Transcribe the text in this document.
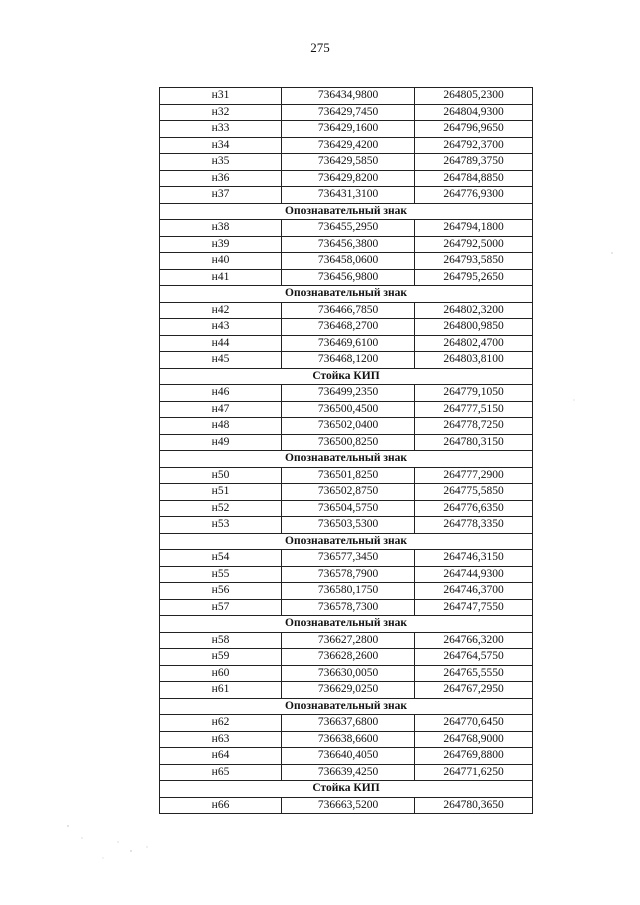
275
н31	736434,9800	264805,2300
н32	736429,7450	264804,9300
н33	736429,1600	264796,9650
н34	736429,4200	264792,3700
н35	736429,5850	264789,3750
н36	736429,8200	264784,8850
н37	736431,3100	264776,9300
Опознавательный знак		
н38	736455,2950	264794,1800
н39	736456,3800	264792,5000
н40	736458,0600	264793,5850
н41	736456,9800	264795,2650
Опознавательный знак		
н42	736466,7850	264802,3200
н43	736468,2700	264800,9850
н44	736469,6100	264802,4700
н45	736468,1200	264803,8100
Стойка КИП		
н46	736499,2350	264779,1050
н47	736500,4500	264777,5150
н48	736502,0400	264778,7250
н49	736500,8250	264780,3150
Опознавательный знак		
н50	736501,8250	264777,2900
н51	736502,8750	264775,5850
н52	736504,5750	264776,6350
н53	736503,5300	264778,3350
Опознавательный знак		
н54	736577,3450	264746,3150
н55	736578,7900	264744,9300
н56	736580,1750	264746,3700
н57	736578,7300	264747,7550
Опознавательный знак		
н58	736627,2800	264766,3200
н59	736628,2600	264764,5750
н60	736630,0050	264765,5550
н61	736629,0250	264767,2950
Опознавательный знак		
н62	736637,6800	264770,6450
н63	736638,6600	264768,9000
н64	736640,4050	264769,8800
н65	736639,4250	264771,6250
Стойка КИП		
н66	736663,5200	264780,3650
